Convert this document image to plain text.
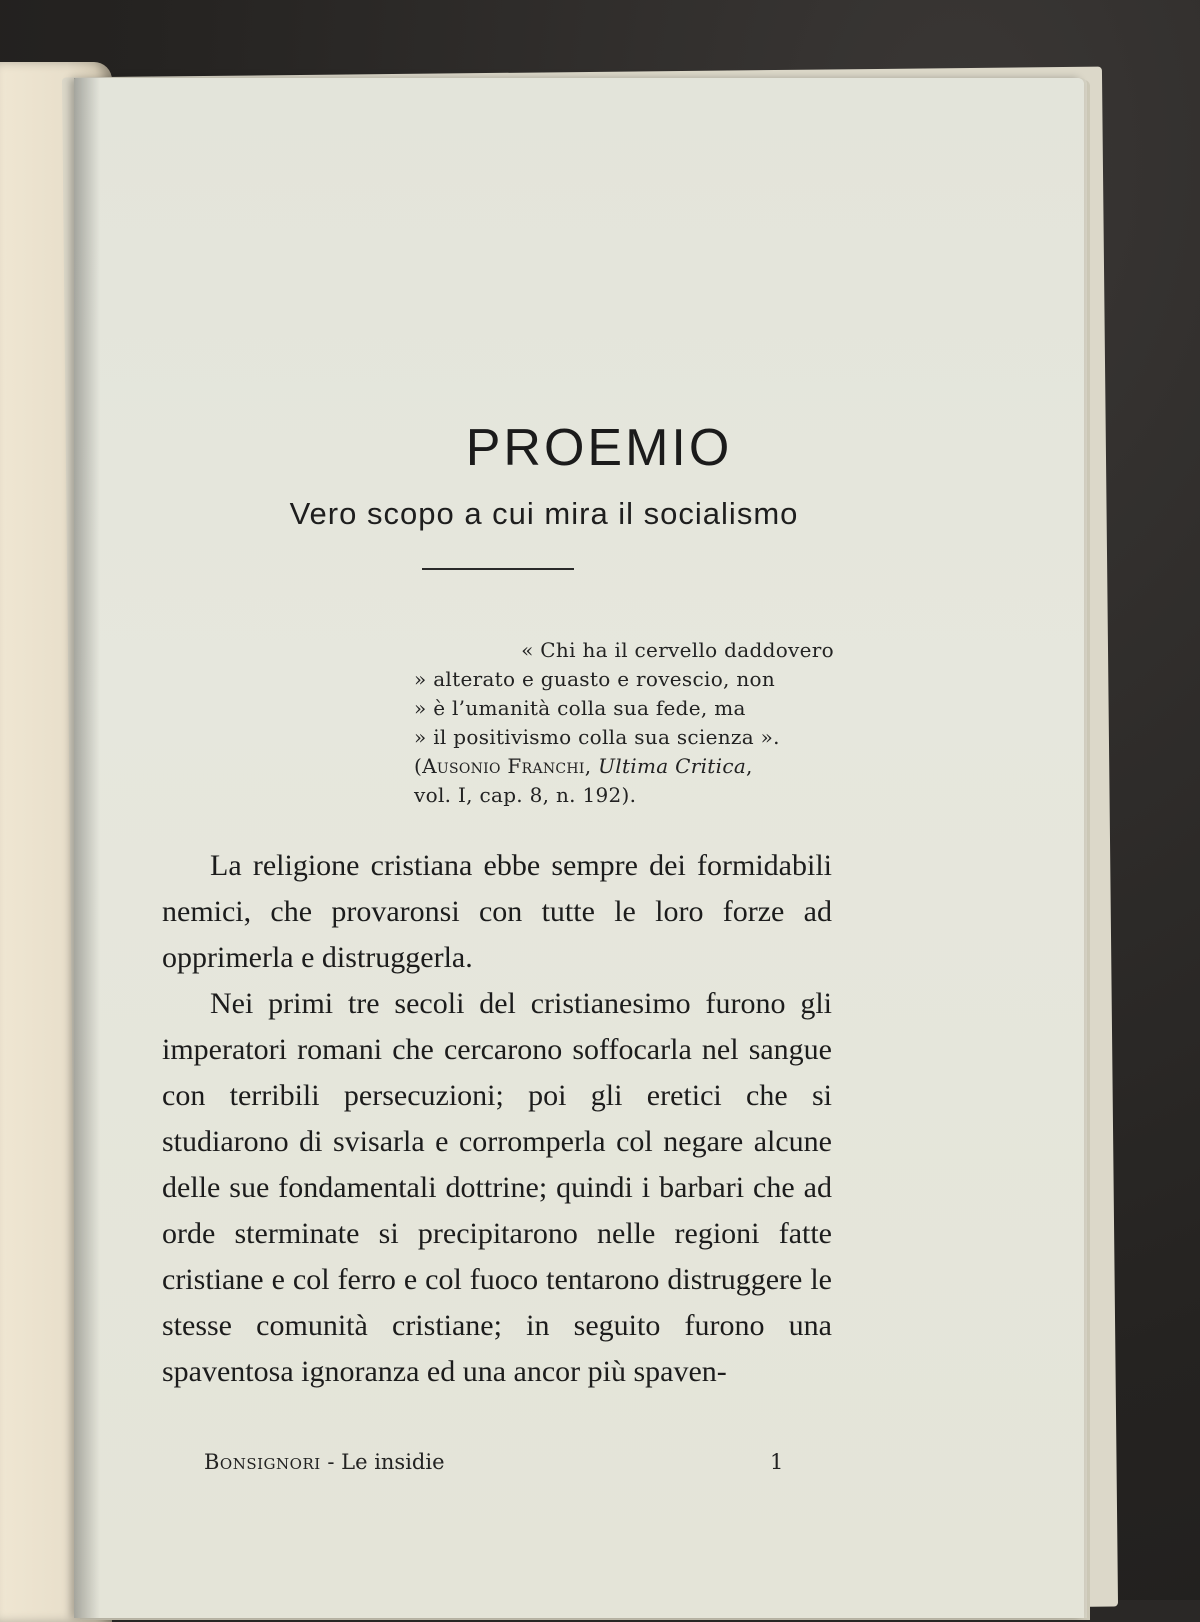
PROEMIO
Vero scopo a cui mira il socialismo
« Chi ha il cervello daddovero
» alterato e guasto e rovescio, non
» è l’umanità colla sua fede, ma
» il positivismo colla sua scienza ».
(Ausonio Franchi, Ultima Critica,
vol. I, cap. 8, n. 192).

La religione cristiana ebbe sempre dei formidabili nemici, che provaronsi con tutte le loro forze ad opprimerla e distruggerla.

Nei primi tre secoli del cristianesimo furono gli imperatori romani che cercarono soffocarla nel sangue con terribili persecuzioni; poi gli eretici che si studiarono di svisarla e corromperla col negare alcune delle sue fondamentali dottrine; quindi i barbari che ad orde sterminate si precipitarono nelle regioni fatte cristiane e col ferro e col fuoco tentarono distruggere le stesse comunità cristiane; in seguito furono una spaventosa ignoranza ed una ancor più spaven-

Bonsignori - Le insidie	1
